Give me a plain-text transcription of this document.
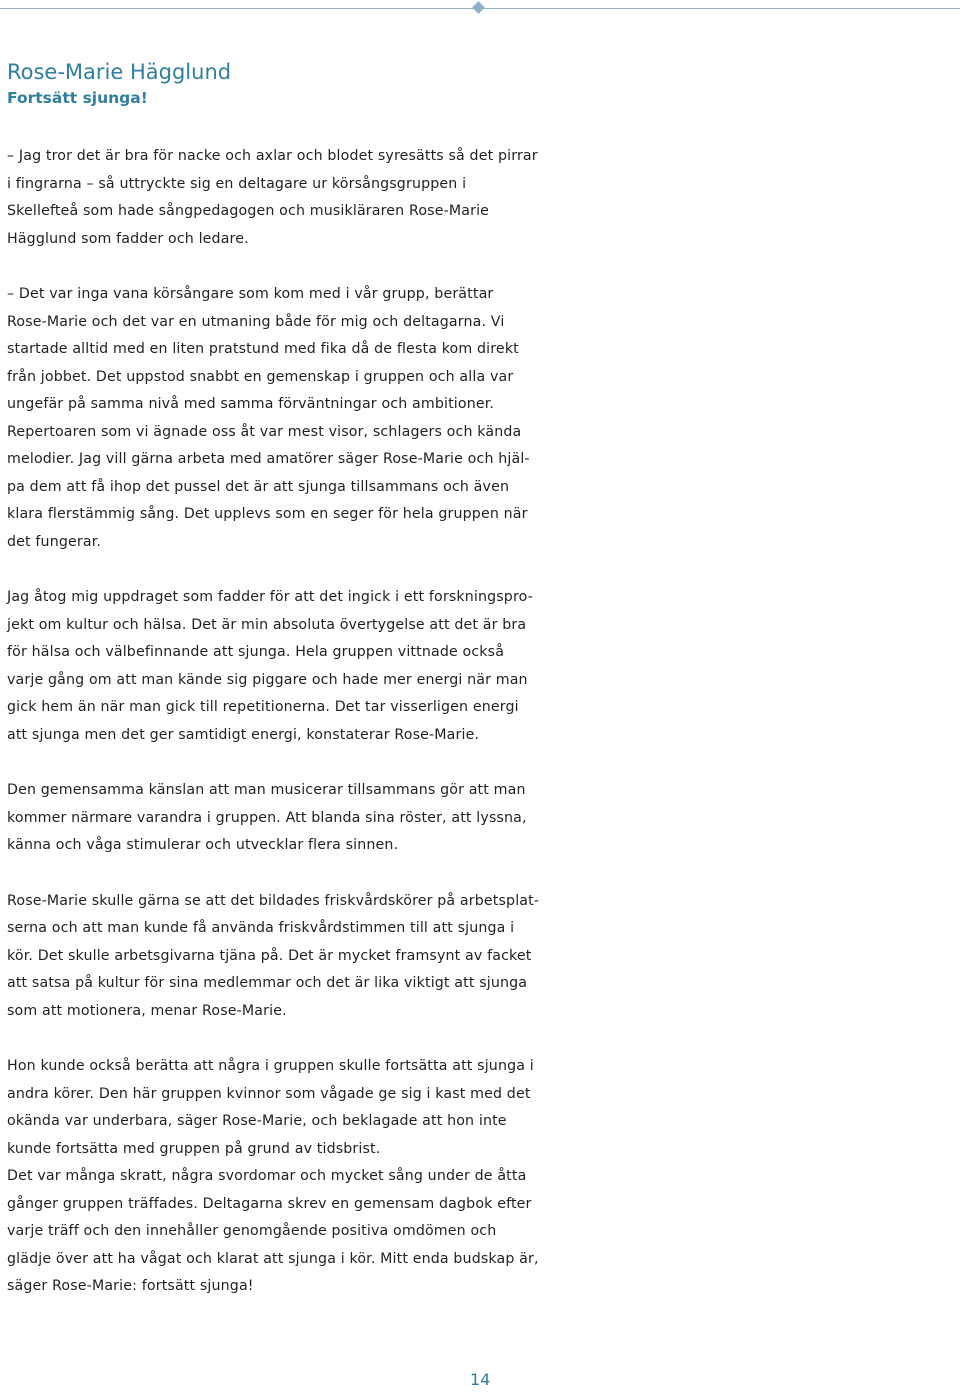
Rose-Marie Hägglund
Fortsätt sjunga!

– Jag tror det är bra för nacke och axlar och blodet syresätts så det pirrar
i fingrarna – så uttryckte sig en deltagare ur körsångsgruppen i
Skellefteå som hade sångpedagogen och musikläraren Rose-Marie
Hägglund som fadder och ledare.

– Det var inga vana körsångare som kom med i vår grupp, berättar
Rose-Marie och det var en utmaning både för mig och deltagarna. Vi
startade alltid med en liten pratstund med fika då de flesta kom direkt
från jobbet. Det uppstod snabbt en gemenskap i gruppen och alla var
ungefär på samma nivå med samma förväntningar och ambitioner.
Repertoaren som vi ägnade oss åt var mest visor, schlagers och kända
melodier. Jag vill gärna arbeta med amatörer säger Rose-Marie och hjäl-
pa dem att få ihop det pussel det är att sjunga tillsammans och även
klara flerstämmig sång. Det upplevs som en seger för hela gruppen när
det fungerar.

Jag åtog mig uppdraget som fadder för att det ingick i ett forskningspro-
jekt om kultur och hälsa. Det är min absoluta övertygelse att det är bra
för hälsa och välbefinnande att sjunga. Hela gruppen vittnade också
varje gång om att man kände sig piggare och hade mer energi när man
gick hem än när man gick till repetitionerna. Det tar visserligen energi
att sjunga men det ger samtidigt energi, konstaterar Rose-Marie.

Den gemensamma känslan att man musicerar tillsammans gör att man
kommer närmare varandra i gruppen. Att blanda sina röster, att lyssna,
känna och våga stimulerar och utvecklar flera sinnen.

Rose-Marie skulle gärna se att det bildades friskvårdskörer på arbetsplat-
serna och att man kunde få använda friskvårdstimmen till att sjunga i
kör. Det skulle arbetsgivarna tjäna på. Det är mycket framsynt av facket
att satsa på kultur för sina medlemmar och det är lika viktigt att sjunga
som att motionera, menar Rose-Marie.

Hon kunde också berätta att några i gruppen skulle fortsätta att sjunga i
andra körer. Den här gruppen kvinnor som vågade ge sig i kast med det
okända var underbara, säger Rose-Marie, och beklagade att hon inte
kunde fortsätta med gruppen på grund av tidsbrist.

Det var många skratt, några svordomar och mycket sång under de åtta
gånger gruppen träffades. Deltagarna skrev en gemensam dagbok efter
varje träff och den innehåller genomgående positiva omdömen och
glädje över att ha vågat och klarat att sjunga i kör. Mitt enda budskap är,
säger Rose-Marie: fortsätt sjunga!

14
